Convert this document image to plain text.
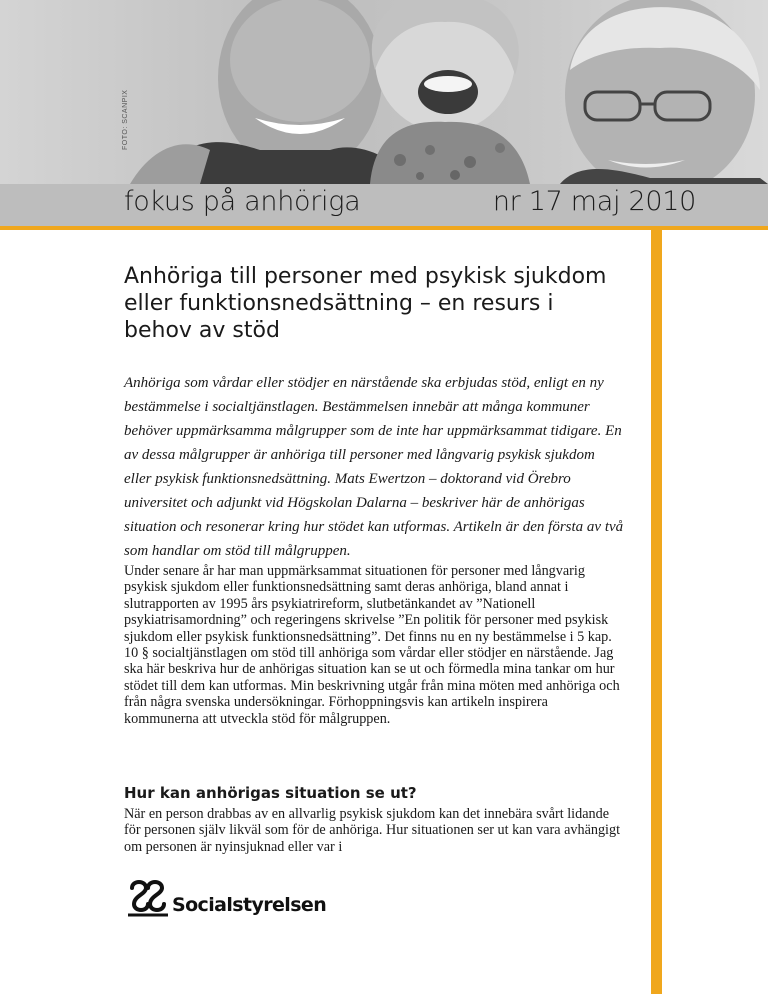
FOTO: SCANPIX
fokus på anhöriga	nr 17 maj 2010
Anhöriga till personer med psykisk sjukdom eller funktionsnedsättning – en resurs i behov av stöd

Anhöriga som vårdar eller stödjer en närstående ska erbjudas stöd, enligt en ny bestämmelse i socialtjänstlagen. Bestämmelsen innebär att många kommuner behöver uppmärksamma målgrupper som de inte har uppmärksammat tidigare. En av dessa målgrupper är anhöriga till personer med långvarig psykisk sjukdom eller psykisk funktionsnedsättning. Mats Ewertzon – doktorand vid Örebro universitet och adjunkt vid Högskolan Dalarna – beskriver här de anhörigas situation och resonerar kring hur stödet kan utformas. Artikeln är den första av två som handlar om stöd till målgruppen.

Under senare år har man uppmärksammat situationen för personer med långvarig psykisk sjukdom eller funktionsnedsättning samt deras anhöriga, bland annat i slutrapporten av 1995 års psykiatrireform, slutbetänkandet av ”Nationell psykiatrisamordning” och regeringens skrivelse ”En politik för personer med psykisk sjukdom eller psykisk funktionsnedsättning”. Det finns nu en ny bestämmelse i 5 kap. 10 § socialtjänstlagen om stöd till anhöriga som vårdar eller stödjer en närstående. Jag ska här beskriva hur de anhörigas situation kan se ut och förmedla mina tankar om hur stödet till dem kan utformas. Min beskrivning utgår från mina möten med anhöriga och från några svenska undersökningar. Förhoppningsvis kan artikeln inspirera kommunerna att utveckla stöd för målgruppen.

Hur kan anhörigas situation se ut?

När en person drabbas av en allvarlig psykisk sjukdom kan det innebära svårt lidande för personen själv likväl som för de anhöriga. Hur situationen ser ut kan vara avhängigt om personen är nyinsjuknad eller var i

Socialstyrelsen
